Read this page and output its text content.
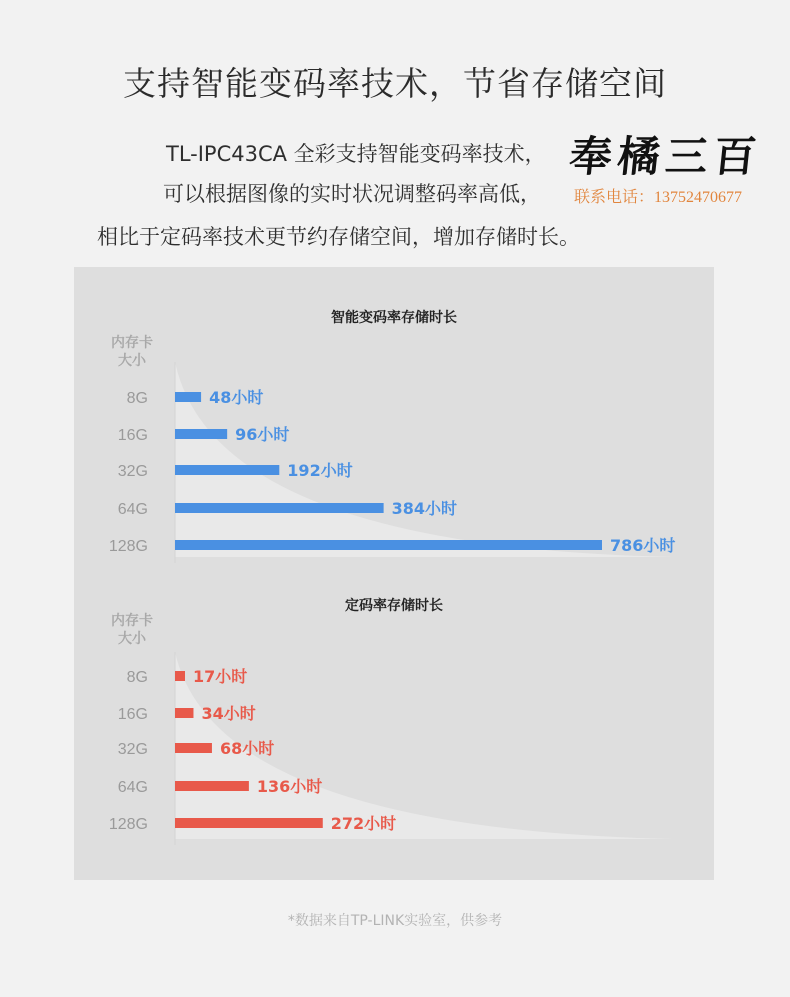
支持智能变码率技术，节省存储空间
TL-IPC43CA 全彩支持智能变码率技术，
可以根据图像的实时状况调整码率高低，
相比于定码率技术更节约存储空间，增加存储时长。
奉橘三百
联系电话：13752470677
智能变码率存储时长
内存卡
大小
8G	48小时
16G	96小时
32G	192小时
64G	384小时
128G	786小时
定码率存储时长
内存卡
大小
8G	17小时
16G	34小时
32G	68小时
64G	136小时
128G	272小时
*数据来自TP-LINK实验室，供参考
